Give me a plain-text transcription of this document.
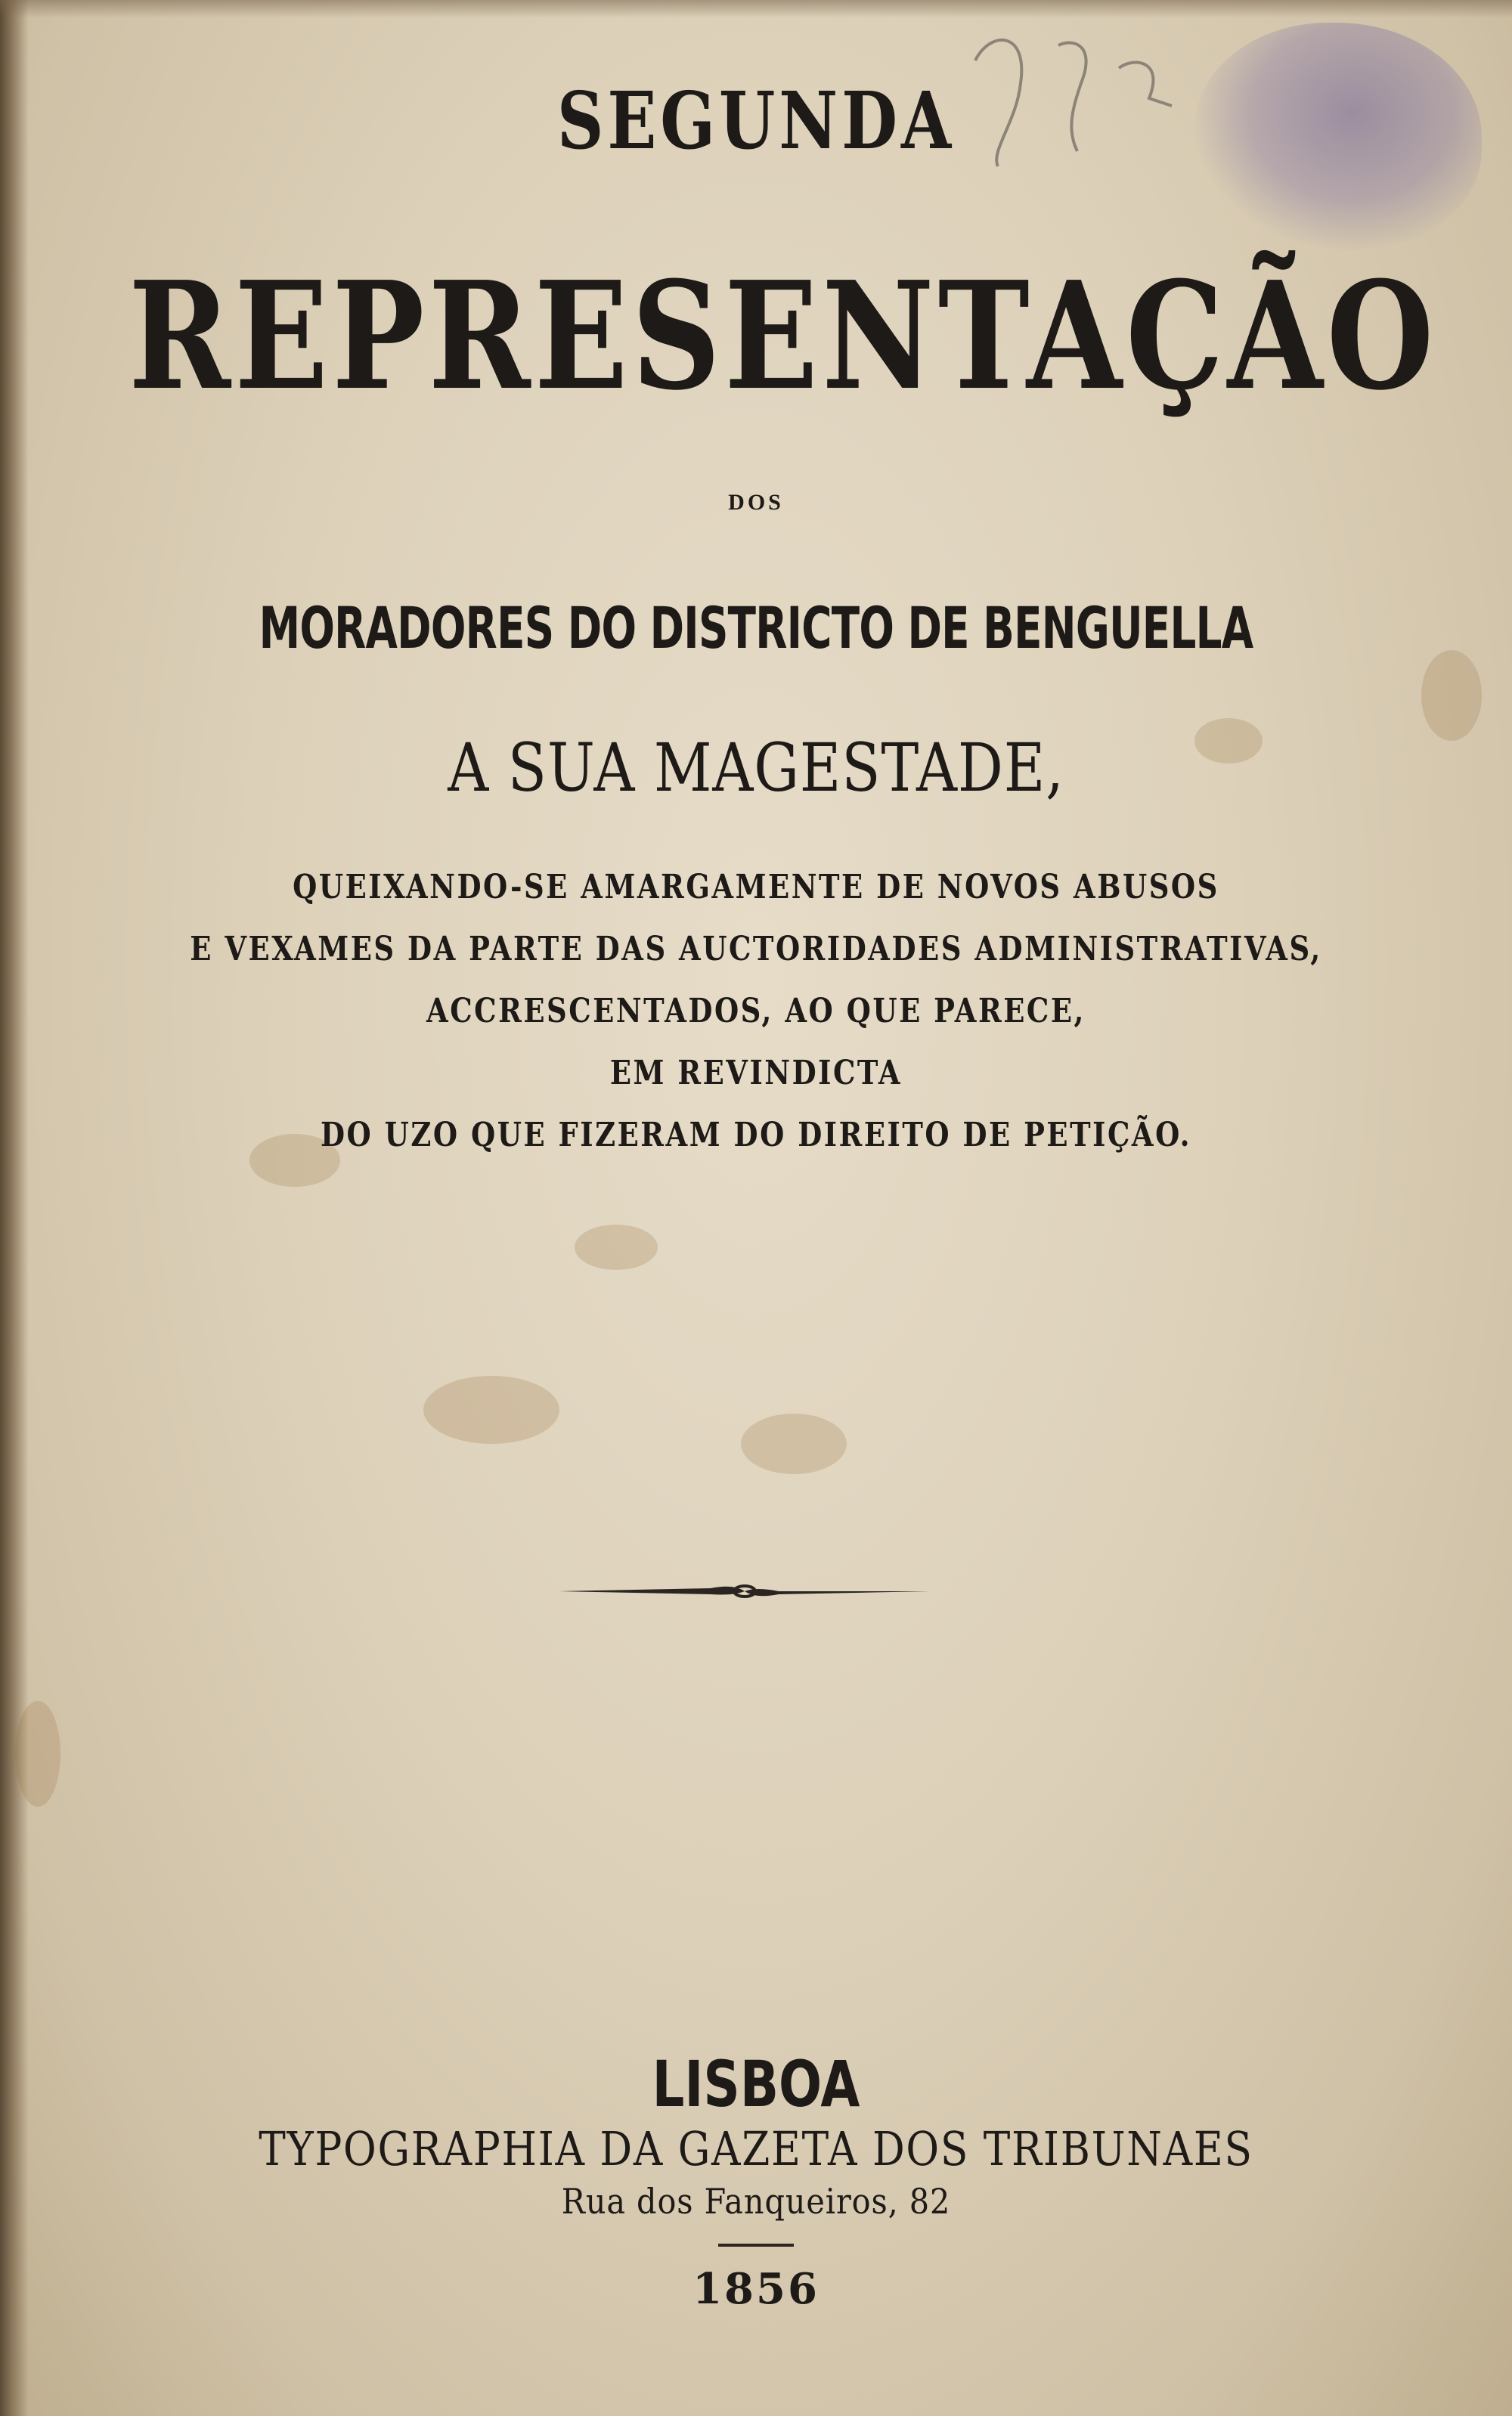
SEGUNDA
REPRESENTAÇÃO
DOS
MORADORES DO DISTRICTO DE BENGUELLA
A SUA MAGESTADE,
QUEIXANDO-SE AMARGAMENTE DE NOVOS ABUSOS
E VEXAMES DA PARTE DAS AUCTORIDADES ADMINISTRATIVAS,
ACCRESCENTADOS, AO QUE PARECE,
EM REVINDICTA
DO UZO QUE FIZERAM DO DIREITO DE PETIÇÃO.
LISBOA
TYPOGRAPHIA DA GAZETA DOS TRIBUNAES
Rua dos Fanqueiros, 82
1856
